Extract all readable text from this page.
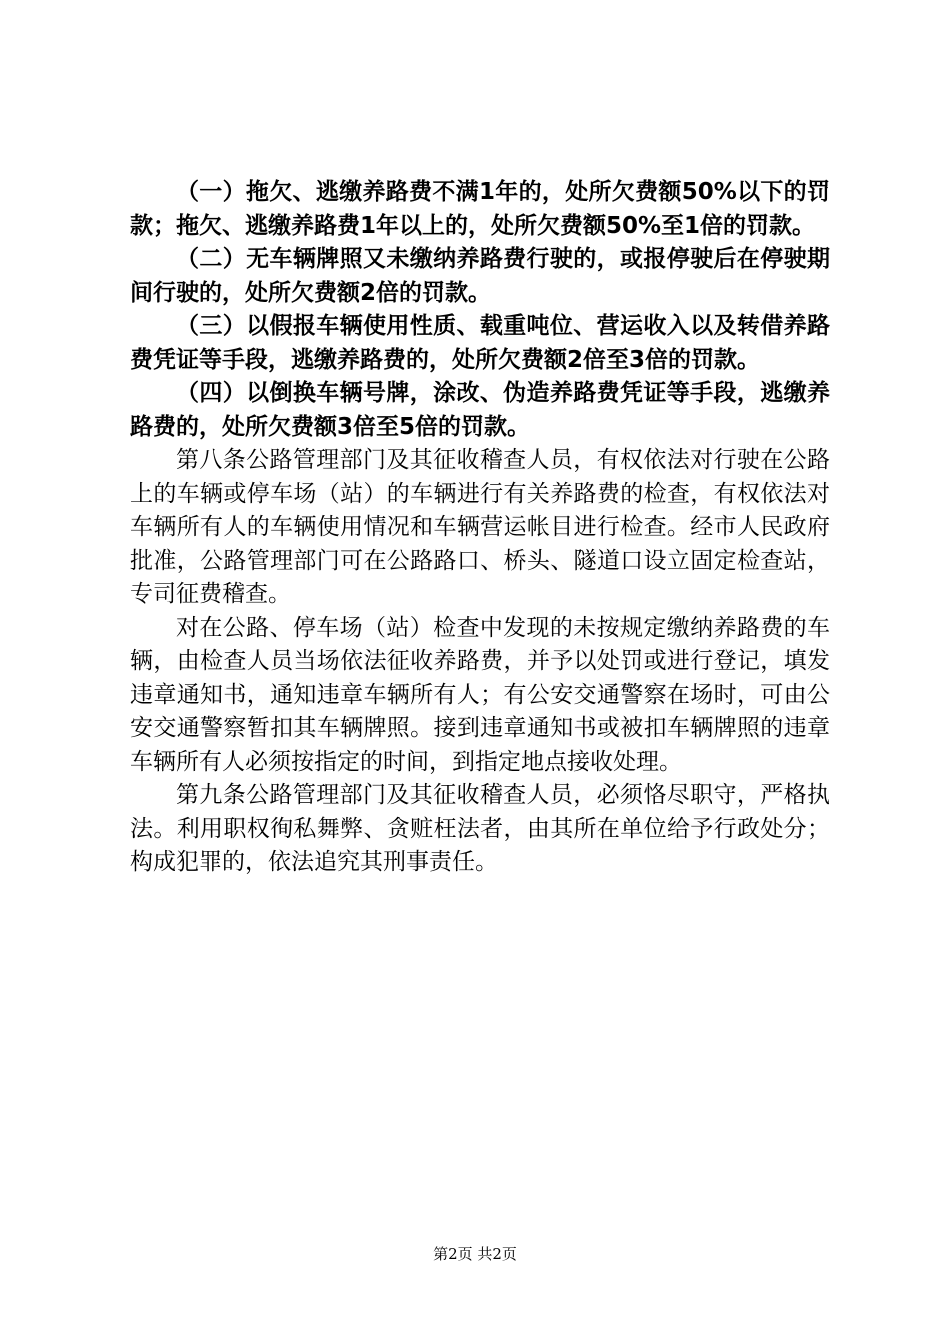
（一）拖欠、逃缴养路费不满1年的，处所欠费额50%以下的罚款；拖欠、逃缴养路费1年以上的，处所欠费额50%至1倍的罚款。

（二）无车辆牌照又未缴纳养路费行驶的，或报停驶后在停驶期间行驶的，处所欠费额2倍的罚款。

（三）以假报车辆使用性质、载重吨位、营运收入以及转借养路费凭证等手段，逃缴养路费的，处所欠费额2倍至3倍的罚款。

（四）以倒换车辆号牌，涂改、伪造养路费凭证等手段，逃缴养路费的，处所欠费额3倍至5倍的罚款。

第八条公路管理部门及其征收稽查人员，有权依法对行驶在公路上的车辆或停车场（站）的车辆进行有关养路费的检查，有权依法对车辆所有人的车辆使用情况和车辆营运帐目进行检查。经市人民政府批准，公路管理部门可在公路路口、桥头、隧道口设立固定检查站，专司征费稽查。

对在公路、停车场（站）检查中发现的未按规定缴纳养路费的车辆，由检查人员当场依法征收养路费，并予以处罚或进行登记，填发违章通知书，通知违章车辆所有人；有公安交通警察在场时，可由公安交通警察暂扣其车辆牌照。接到违章通知书或被扣车辆牌照的违章车辆所有人必须按指定的时间，到指定地点接收处理。

第九条公路管理部门及其征收稽查人员，必须恪尽职守，严格执法。利用职权徇私舞弊、贪赃枉法者，由其所在单位给予行政处分；构成犯罪的，依法追究其刑事责任。

第2页 共2页
